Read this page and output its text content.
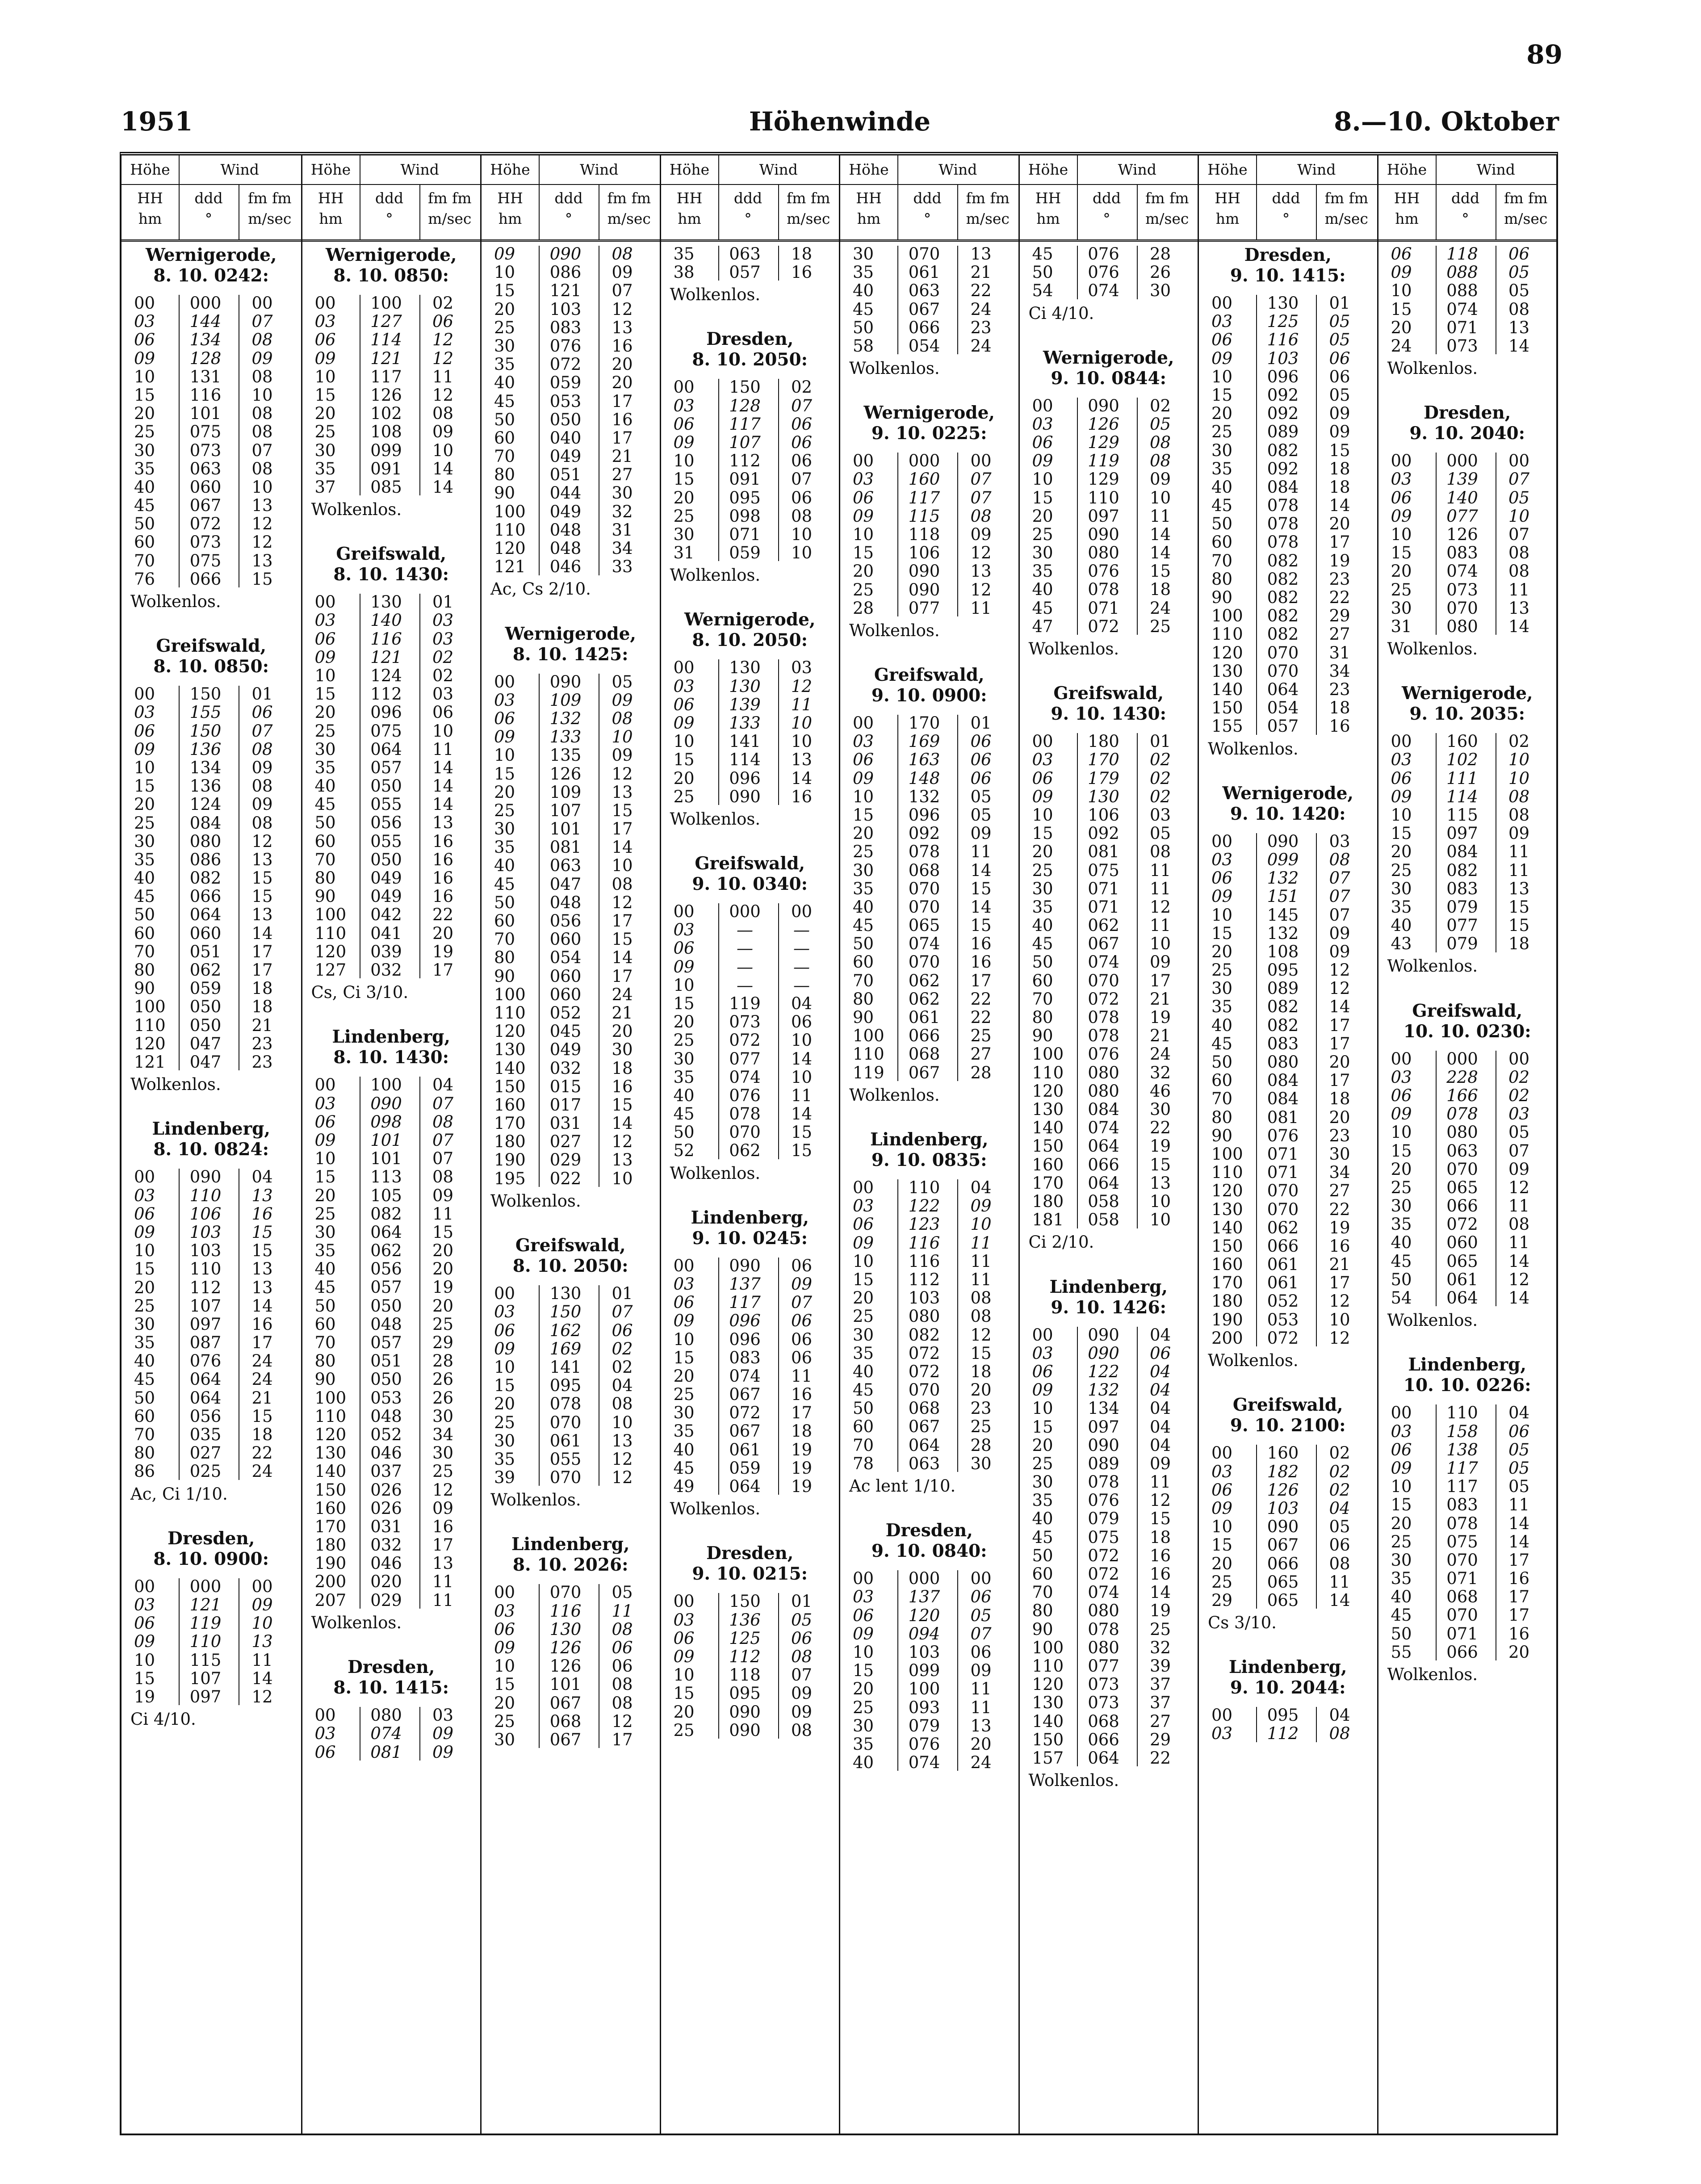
89
1951	Höhenwinde	8.—10. Oktober
Höhe	Wind
HH
hm
ddd
°
fm fm
m/sec
Wernigerode,
8. 10. 0242:
00	000	00
03	144	07
06	134	08
09	128	09
10	131	08
15	116	10
20	101	08
25	075	08
30	073	07
35	063	08
40	060	10
45	067	13
50	072	12
60	073	12
70	075	13
76	066	15
Wolkenlos.
Greifswald,
8. 10. 0850:
00	150	01
03	155	06
06	150	07
09	136	08
10	134	09
15	136	08
20	124	09
25	084	08
30	080	12
35	086	13
40	082	15
45	066	15
50	064	13
60	060	14
70	051	17
80	062	17
90	059	18
100	050	18
110	050	21
120	047	23
121	047	23
Wolkenlos.
Lindenberg,
8. 10. 0824:
00	090	04
03	110	13
06	106	16
09	103	15
10	103	15
15	110	13
20	112	13
25	107	14
30	097	16
35	087	17
40	076	24
45	064	24
50	064	21
60	056	15
70	035	18
80	027	22
86	025	24
Ac, Ci 1/10.
Dresden,
8. 10. 0900:
00	000	00
03	121	09
06	119	10
09	110	13
10	115	11
15	107	14
19	097	12
Ci 4/10.
Höhe	Wind
HH
hm
ddd
°
fm fm
m/sec
Wernigerode,
8. 10. 0850:
00	100	02
03	127	06
06	114	12
09	121	12
10	117	11
15	126	12
20	102	08
25	108	09
30	099	10
35	091	14
37	085	14
Wolkenlos.
Greifswald,
8. 10. 1430:
00	130	01
03	140	03
06	116	03
09	121	02
10	124	02
15	112	03
20	096	06
25	075	10
30	064	11
35	057	14
40	050	14
45	055	14
50	056	13
60	055	16
70	050	16
80	049	16
90	049	16
100	042	22
110	041	20
120	039	19
127	032	17
Cs, Ci 3/10.
Lindenberg,
8. 10. 1430:
00	100	04
03	090	07
06	098	08
09	101	07
10	101	07
15	113	08
20	105	09
25	082	11
30	064	15
35	062	20
40	056	20
45	057	19
50	050	20
60	048	25
70	057	29
80	051	28
90	050	26
100	053	26
110	048	30
120	052	34
130	046	30
140	037	25
150	026	12
160	026	09
170	031	16
180	032	17
190	046	13
200	020	11
207	029	11
Wolkenlos.
Dresden,
8. 10. 1415:
00	080	03
03	074	09
06	081	09
Höhe	Wind
HH
hm
ddd
°
fm fm
m/sec
09	090	08
10	086	09
15	121	07
20	103	12
25	083	13
30	076	16
35	072	20
40	059	20
45	053	17
50	050	16
60	040	17
70	049	21
80	051	27
90	044	30
100	049	32
110	048	31
120	048	34
121	046	33
Ac, Cs 2/10.
Wernigerode,
8. 10. 1425:
00	090	05
03	109	09
06	132	08
09	133	10
10	135	09
15	126	12
20	109	13
25	107	15
30	101	17
35	081	14
40	063	10
45	047	08
50	048	12
60	056	17
70	060	15
80	054	14
90	060	17
100	060	24
110	052	21
120	045	20
130	049	30
140	032	18
150	015	16
160	017	15
170	031	14
180	027	12
190	029	13
195	022	10
Wolkenlos.
Greifswald,
8. 10. 2050:
00	130	01
03	150	07
06	162	06
09	169	02
10	141	02
15	095	04
20	078	08
25	070	10
30	061	13
35	055	12
39	070	12
Wolkenlos.
Lindenberg,
8. 10. 2026:
00	070	05
03	116	11
06	130	08
09	126	06
10	126	06
15	101	08
20	067	08
25	068	12
30	067	17
Höhe	Wind
HH
hm
ddd
°
fm fm
m/sec
35	063	18
38	057	16
Wolkenlos.
Dresden,
8. 10. 2050:
00	150	02
03	128	07
06	117	06
09	107	06
10	112	06
15	091	07
20	095	06
25	098	08
30	071	10
31	059	10
Wolkenlos.
Wernigerode,
8. 10. 2050:
00	130	03
03	130	12
06	139	11
09	133	10
10	141	10
15	114	13
20	096	14
25	090	16
Wolkenlos.
Greifswald,
9. 10. 0340:
00	000	00
03	—	—
06	—	—
09	—	—
10	—	—
15	119	04
20	073	06
25	072	10
30	077	14
35	074	10
40	076	11
45	078	14
50	070	15
52	062	15
Wolkenlos.
Lindenberg,
9. 10. 0245:
00	090	06
03	137	09
06	117	07
09	096	06
10	096	06
15	083	06
20	074	11
25	067	16
30	072	17
35	067	18
40	061	19
45	059	19
49	064	19
Wolkenlos.
Dresden,
9. 10. 0215:
00	150	01
03	136	05
06	125	06
09	112	08
10	118	07
15	095	09
20	090	09
25	090	08
Höhe	Wind
HH
hm
ddd
°
fm fm
m/sec
30	070	13
35	061	21
40	063	22
45	067	24
50	066	23
58	054	24
Wolkenlos.
Wernigerode,
9. 10. 0225:
00	000	00
03	160	07
06	117	07
09	115	08
10	118	09
15	106	12
20	090	13
25	090	12
28	077	11
Wolkenlos.
Greifswald,
9. 10. 0900:
00	170	01
03	169	06
06	163	06
09	148	06
10	132	05
15	096	05
20	092	09
25	078	11
30	068	14
35	070	15
40	070	14
45	065	15
50	074	16
60	070	16
70	062	17
80	062	22
90	061	22
100	066	25
110	068	27
119	067	28
Wolkenlos.
Lindenberg,
9. 10. 0835:
00	110	04
03	122	09
06	123	10
09	116	11
10	116	11
15	112	11
20	103	08
25	080	08
30	082	12
35	072	15
40	072	18
45	070	20
50	068	23
60	067	25
70	064	28
78	063	30
Ac lent 1/10.
Dresden,
9. 10. 0840:
00	000	00
03	137	06
06	120	05
09	094	07
10	103	06
15	099	09
20	100	11
25	093	11
30	079	13
35	076	20
40	074	24
Höhe	Wind
HH
hm
ddd
°
fm fm
m/sec
45	076	28
50	076	26
54	074	30
Ci 4/10.
Wernigerode,
9. 10. 0844:
00	090	02
03	126	05
06	129	08
09	119	08
10	129	09
15	110	10
20	097	11
25	090	14
30	080	14
35	076	15
40	078	18
45	071	24
47	072	25
Wolkenlos.
Greifswald,
9. 10. 1430:
00	180	01
03	170	02
06	179	02
09	130	02
10	106	03
15	092	05
20	081	08
25	075	11
30	071	11
35	071	12
40	062	11
45	067	10
50	074	09
60	070	17
70	072	21
80	078	19
90	078	21
100	076	24
110	080	32
120	080	46
130	084	30
140	074	22
150	064	19
160	066	15
170	064	13
180	058	10
181	058	10
Ci 2/10.
Lindenberg,
9. 10. 1426:
00	090	04
03	090	06
06	122	04
09	132	04
10	134	04
15	097	04
20	090	04
25	089	09
30	078	11
35	076	12
40	079	15
45	075	18
50	072	16
60	072	16
70	074	14
80	080	19
90	078	25
100	080	32
110	077	39
120	073	37
130	073	37
140	068	27
150	066	29
157	064	22
Wolkenlos.
Höhe	Wind
HH
hm
ddd
°
fm fm
m/sec
Dresden,
9. 10. 1415:
00	130	01
03	125	05
06	116	05
09	103	06
10	096	06
15	092	05
20	092	09
25	089	09
30	082	15
35	092	18
40	084	18
45	078	14
50	078	20
60	078	17
70	082	19
80	082	23
90	082	22
100	082	29
110	082	27
120	070	31
130	070	34
140	064	23
150	054	18
155	057	16
Wolkenlos.
Wernigerode,
9. 10. 1420:
00	090	03
03	099	08
06	132	07
09	151	07
10	145	07
15	132	09
20	108	09
25	095	12
30	089	12
35	082	14
40	082	17
45	083	17
50	080	20
60	084	17
70	084	18
80	081	20
90	076	23
100	071	30
110	071	34
120	070	27
130	070	22
140	062	19
150	066	16
160	061	21
170	061	17
180	052	12
190	053	10
200	072	12
Wolkenlos.
Greifswald,
9. 10. 2100:
00	160	02
03	182	02
06	126	02
09	103	04
10	090	05
15	067	06
20	066	08
25	065	11
29	065	14
Cs 3/10.
Lindenberg,
9. 10. 2044:
00	095	04
03	112	08
Höhe	Wind
HH
hm
ddd
°
fm fm
m/sec
06	118	06
09	088	05
10	088	05
15	074	08
20	071	13
24	073	14
Wolkenlos.
Dresden,
9. 10. 2040:
00	000	00
03	139	07
06	140	05
09	077	10
10	126	07
15	083	08
20	074	08
25	073	11
30	070	13
31	080	14
Wolkenlos.
Wernigerode,
9. 10. 2035:
00	160	02
03	102	10
06	111	10
09	114	08
10	115	08
15	097	09
20	084	11
25	082	11
30	083	13
35	079	15
40	077	15
43	079	18
Wolkenlos.
Greifswald,
10. 10. 0230:
00	000	00
03	228	02
06	166	02
09	078	03
10	080	05
15	063	07
20	070	09
25	065	12
30	066	11
35	072	08
40	060	11
45	065	14
50	061	12
54	064	14
Wolkenlos.
Lindenberg,
10. 10. 0226:
00	110	04
03	158	06
06	138	05
09	117	05
10	117	05
15	083	11
20	078	14
25	075	14
30	070	17
35	071	16
40	068	17
45	070	17
50	071	16
55	066	20
Wolkenlos.
